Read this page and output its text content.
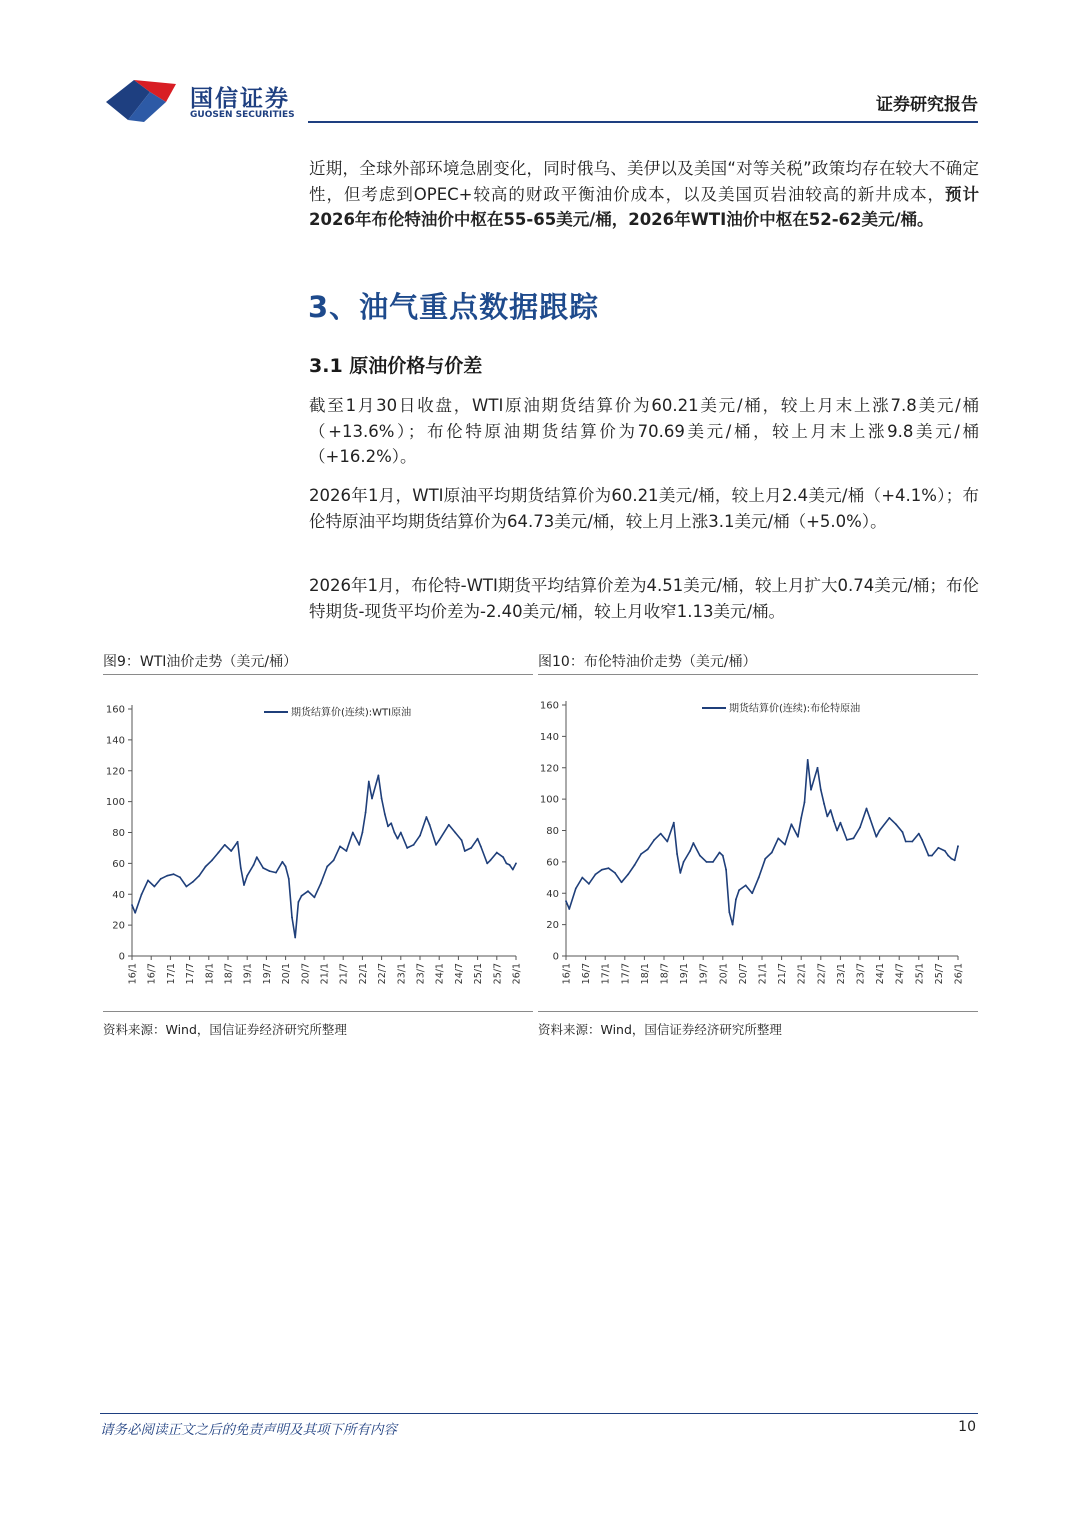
国信证券
GUOSEN SECURITIES	证券研究报告
近期，全球外部环境急剧变化，同时俄乌、美伊以及美国“对等关税”政策均存在较大不确定性，但考虑到OPEC+较高的财政平衡油价成本，以及美国页岩油较高的新井成本，预计2026年布伦特油价中枢在55-65美元/桶，2026年WTI油价中枢在52-62美元/桶。
3、油气重点数据跟踪
3.1 原油价格与价差
截至1月30日收盘，WTI原油期货结算价为60.21美元/桶，较上月末上涨7.8美元/桶（+13.6%）；布伦特原油期货结算价为70.69美元/桶，较上月末上涨9.8美元/桶（+16.2%）。
2026年1月，WTI原油平均期货结算价为60.21美元/桶，较上月2.4美元/桶（+4.1%）；布伦特原油平均期货结算价为64.73美元/桶，较上月上涨3.1美元/桶（+5.0%）。
2026年1月，布伦特-WTI期货平均结算价差为4.51美元/桶，较上月扩大0.74美元/桶；布伦特期货-现货平均价差为-2.40美元/桶，较上月收窄1.13美元/桶。
图9：WTI油价走势（美元/桶）
0
20
40
60
80
100
120
140
160
16/1 16/7 17/1 17/7 18/1 18/7 19/1 19/7 20/1 20/7 21/1 21/7 22/1 22/7 23/1 23/7 24/1 24/7 25/1 25/7 26/1
期货结算价(连续):WTI原油
资料来源：Wind，国信证券经济研究所整理
图10：布伦特油价走势（美元/桶）
0
20
40
60
80
100
120
140
160
16/1 16/7 17/1 17/7 18/1 18/7 19/1 19/7 20/1 20/7 21/1 21/7 22/1 22/7 23/1 23/7 24/1 24/7 25/1 25/7 26/1
期货结算价(连续):布伦特原油
资料来源：Wind，国信证券经济研究所整理
请务必阅读正文之后的免责声明及其项下所有内容	10
